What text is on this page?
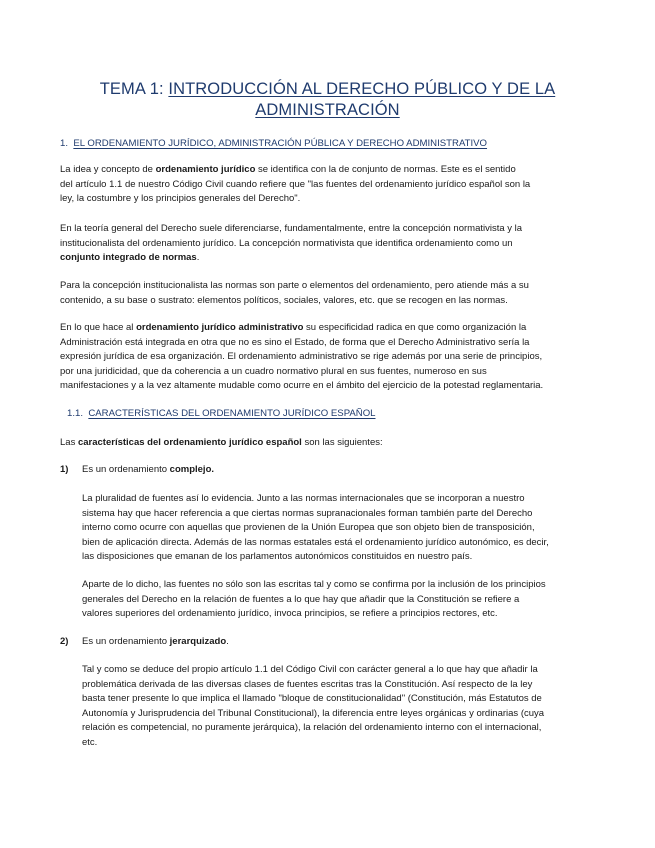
TEMA 1: INTRODUCCIÓN AL DERECHO PÚBLICO Y DE LA
ADMINISTRACIÓN
1. EL ORDENAMIENTO JURÍDICO, ADMINISTRACIÓN PÚBLICA Y DERECHO ADMINISTRATIVO
La idea y concepto de ordenamiento jurídico se identifica con la de conjunto de normas. Este es el sentido
del artículo 1.1 de nuestro Código Civil cuando refiere que "las fuentes del ordenamiento jurídico español son la
ley, la costumbre y los principios generales del Derecho".
En la teoría general del Derecho suele diferenciarse, fundamentalmente, entre la concepción normativista y la
institucionalista del ordenamiento jurídico. La concepción normativista que identifica ordenamiento como un
conjunto integrado de normas.
Para la concepción institucionalista las normas son parte o elementos del ordenamiento, pero atiende más a su
contenido, a su base o sustrato: elementos políticos, sociales, valores, etc. que se recogen en las normas.
En lo que hace al ordenamiento jurídico administrativo su especificidad radica en que como organización la
Administración está integrada en otra que no es sino el Estado, de forma que el Derecho Administrativo sería la
expresión jurídica de esa organización. El ordenamiento administrativo se rige además por una serie de principios,
por una juridicidad, que da coherencia a un cuadro normativo plural en sus fuentes, numeroso en sus
manifestaciones y a la vez altamente mudable como ocurre en el ámbito del ejercicio de la potestad reglamentaria.
1.1. CARACTERÍSTICAS DEL ORDENAMIENTO JURÍDICO ESPAÑOL
Las características del ordenamiento jurídico español son las siguientes:
1) Es un ordenamiento complejo.
La pluralidad de fuentes así lo evidencia. Junto a las normas internacionales que se incorporan a nuestro
sistema hay que hacer referencia a que ciertas normas supranacionales forman también parte del Derecho
interno como ocurre con aquellas que provienen de la Unión Europea que son objeto bien de transposición,
bien de aplicación directa. Además de las normas estatales está el ordenamiento jurídico autonómico, es decir,
las disposiciones que emanan de los parlamentos autonómicos constituidos en nuestro país.
Aparte de lo dicho, las fuentes no sólo son las escritas tal y como se confirma por la inclusión de los principios
generales del Derecho en la relación de fuentes a lo que hay que añadir que la Constitución se refiere a
valores superiores del ordenamiento jurídico, invoca principios, se refiere a principios rectores, etc.
2) Es un ordenamiento jerarquizado.
Tal y como se deduce del propio artículo 1.1 del Código Civil con carácter general a lo que hay que añadir la
problemática derivada de las diversas clases de fuentes escritas tras la Constitución. Así respecto de la ley
basta tener presente lo que implica el llamado "bloque de constitucionalidad" (Constitución, más Estatutos de
Autonomía y Jurisprudencia del Tribunal Constitucional), la diferencia entre leyes orgánicas y ordinarias (cuya
relación es competencial, no puramente jerárquica), la relación del ordenamiento interno con el internacional,
etc.
